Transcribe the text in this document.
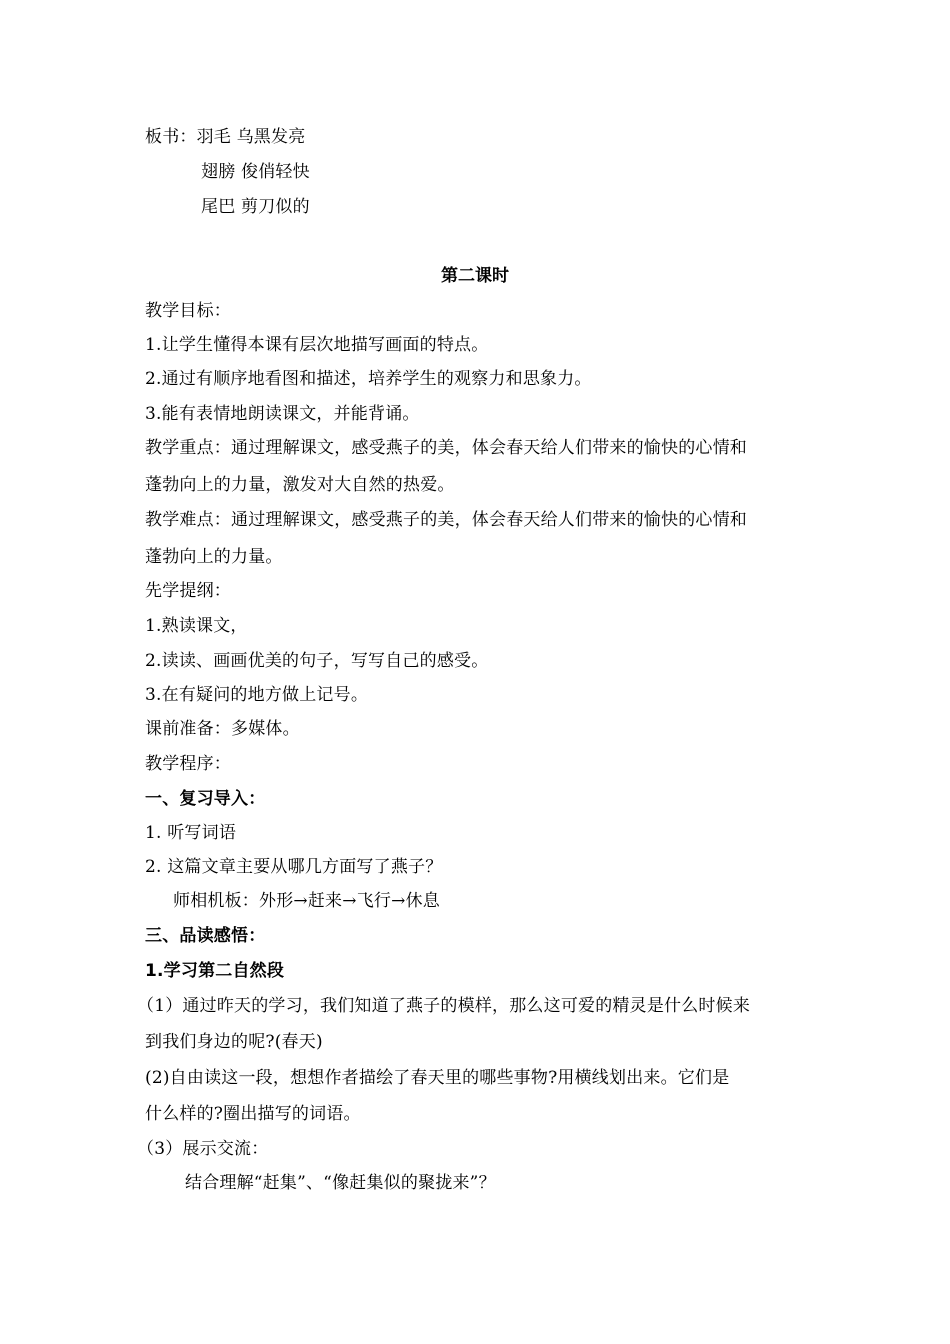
板书：羽毛 乌黑发亮
翅膀 俊俏轻快
尾巴 剪刀似的
第二课时
教学目标：
1.让学生懂得本课有层次地描写画面的特点。
2.通过有顺序地看图和描述，培养学生的观察力和思象力。
3.能有表情地朗读课文，并能背诵。
教学重点：通过理解课文，感受燕子的美，体会春天给人们带来的愉快的心情和
蓬勃向上的力量，激发对大自然的热爱。
教学难点：通过理解课文，感受燕子的美，体会春天给人们带来的愉快的心情和
蓬勃向上的力量。
先学提纲：
1.熟读课文，
2.读读、画画优美的句子，写写自己的感受。
3.在有疑问的地方做上记号。
课前准备：多媒体。
教学程序：
一、复习导入：
1. 听写词语
2. 这篇文章主要从哪几方面写了燕子？
师相机板：外形→赶来→飞行→休息
三、品读感悟：
1.学习第二自然段
（1）通过昨天的学习，我们知道了燕子的模样，那么这可爱的精灵是什么时候来
到我们身边的呢?(春天)
(2)自由读这一段，想想作者描绘了春天里的哪些事物?用横线划出来。它们是
什么样的?圈出描写的词语。
（3）展示交流：
结合理解“赶集”、“像赶集似的聚拢来”？
